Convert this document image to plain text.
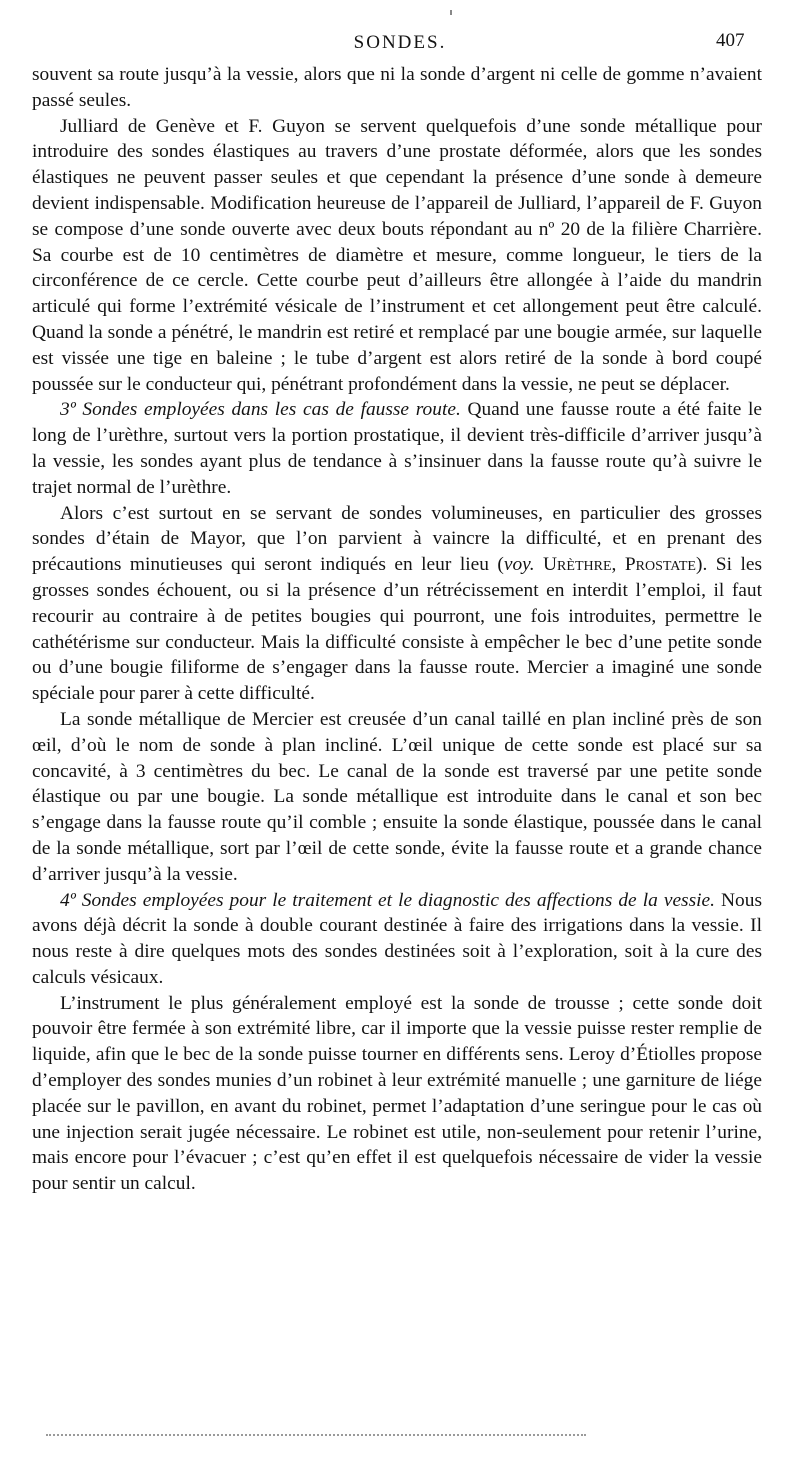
SONDES.	407

souvent sa route jusqu’à la vessie, alors que ni la sonde d’argent ni celle de gomme n’avaient passé seules.

Julliard de Genève et F. Guyon se servent quelquefois d’une sonde métallique pour introduire des sondes élastiques au travers d’une prostate déformée, alors que les sondes élastiques ne peuvent passer seules et que cependant la présence d’une sonde à demeure devient indispensable. Modification heureuse de l’appareil de Julliard, l’appareil de F. Guyon se compose d’une sonde ouverte avec deux bouts répondant au nº 20 de la filière Charrière. Sa courbe est de 10 centimètres de diamètre et mesure, comme longueur, le tiers de la circonférence de ce cercle. Cette courbe peut d’ailleurs être allongée à l’aide du mandrin articulé qui forme l’extrémité vésicale de l’instrument et cet allongement peut être calculé. Quand la sonde a pénétré, le mandrin est retiré et remplacé par une bougie armée, sur laquelle est vissée une tige en baleine ; le tube d’argent est alors retiré de la sonde à bord coupé poussée sur le conducteur qui, pénétrant profondément dans la vessie, ne peut se déplacer.

3º Sondes employées dans les cas de fausse route. Quand une fausse route a été faite le long de l’urèthre, surtout vers la portion prostatique, il devient très-difficile d’arriver jusqu’à la vessie, les sondes ayant plus de tendance à s’insinuer dans la fausse route qu’à suivre le trajet normal de l’urèthre.

Alors c’est surtout en se servant de sondes volumineuses, en particulier des grosses sondes d’étain de Mayor, que l’on parvient à vaincre la difficulté, et en prenant des précautions minutieuses qui seront indiqués en leur lieu (voy. Urèthre, Prostate). Si les grosses sondes échouent, ou si la présence d’un rétrécissement en interdit l’emploi, il faut recourir au contraire à de petites bougies qui pourront, une fois introduites, permettre le cathétérisme sur conducteur. Mais la difficulté consiste à empêcher le bec d’une petite sonde ou d’une bougie filiforme de s’engager dans la fausse route. Mercier a imaginé une sonde spéciale pour parer à cette difficulté.

La sonde métallique de Mercier est creusée d’un canal taillé en plan incliné près de son œil, d’où le nom de sonde à plan incliné. L’œil unique de cette sonde est placé sur sa concavité, à 3 centimètres du bec. Le canal de la sonde est traversé par une petite sonde élastique ou par une bougie. La sonde métallique est introduite dans le canal et son bec s’engage dans la fausse route qu’il comble ; ensuite la sonde élastique, poussée dans le canal de la sonde métallique, sort par l’œil de cette sonde, évite la fausse route et a grande chance d’arriver jusqu’à la vessie.

4º Sondes employées pour le traitement et le diagnostic des affections de la vessie. Nous avons déjà décrit la sonde à double courant destinée à faire des irrigations dans la vessie. Il nous reste à dire quelques mots des sondes destinées soit à l’exploration, soit à la cure des calculs vésicaux.

L’instrument le plus généralement employé est la sonde de trousse ; cette sonde doit pouvoir être fermée à son extrémité libre, car il importe que la vessie puisse rester remplie de liquide, afin que le bec de la sonde puisse tourner en différents sens. Leroy d’Étiolles propose d’employer des sondes munies d’un robinet à leur extrémité manuelle ; une garniture de liége placée sur le pavillon, en avant du robinet, permet l’adaptation d’une seringue pour le cas où une injection serait jugée nécessaire. Le robinet est utile, non-seulement pour retenir l’urine, mais encore pour l’évacuer ; c’est qu’en effet il est quelquefois nécessaire de vider la vessie pour sentir un calcul.
